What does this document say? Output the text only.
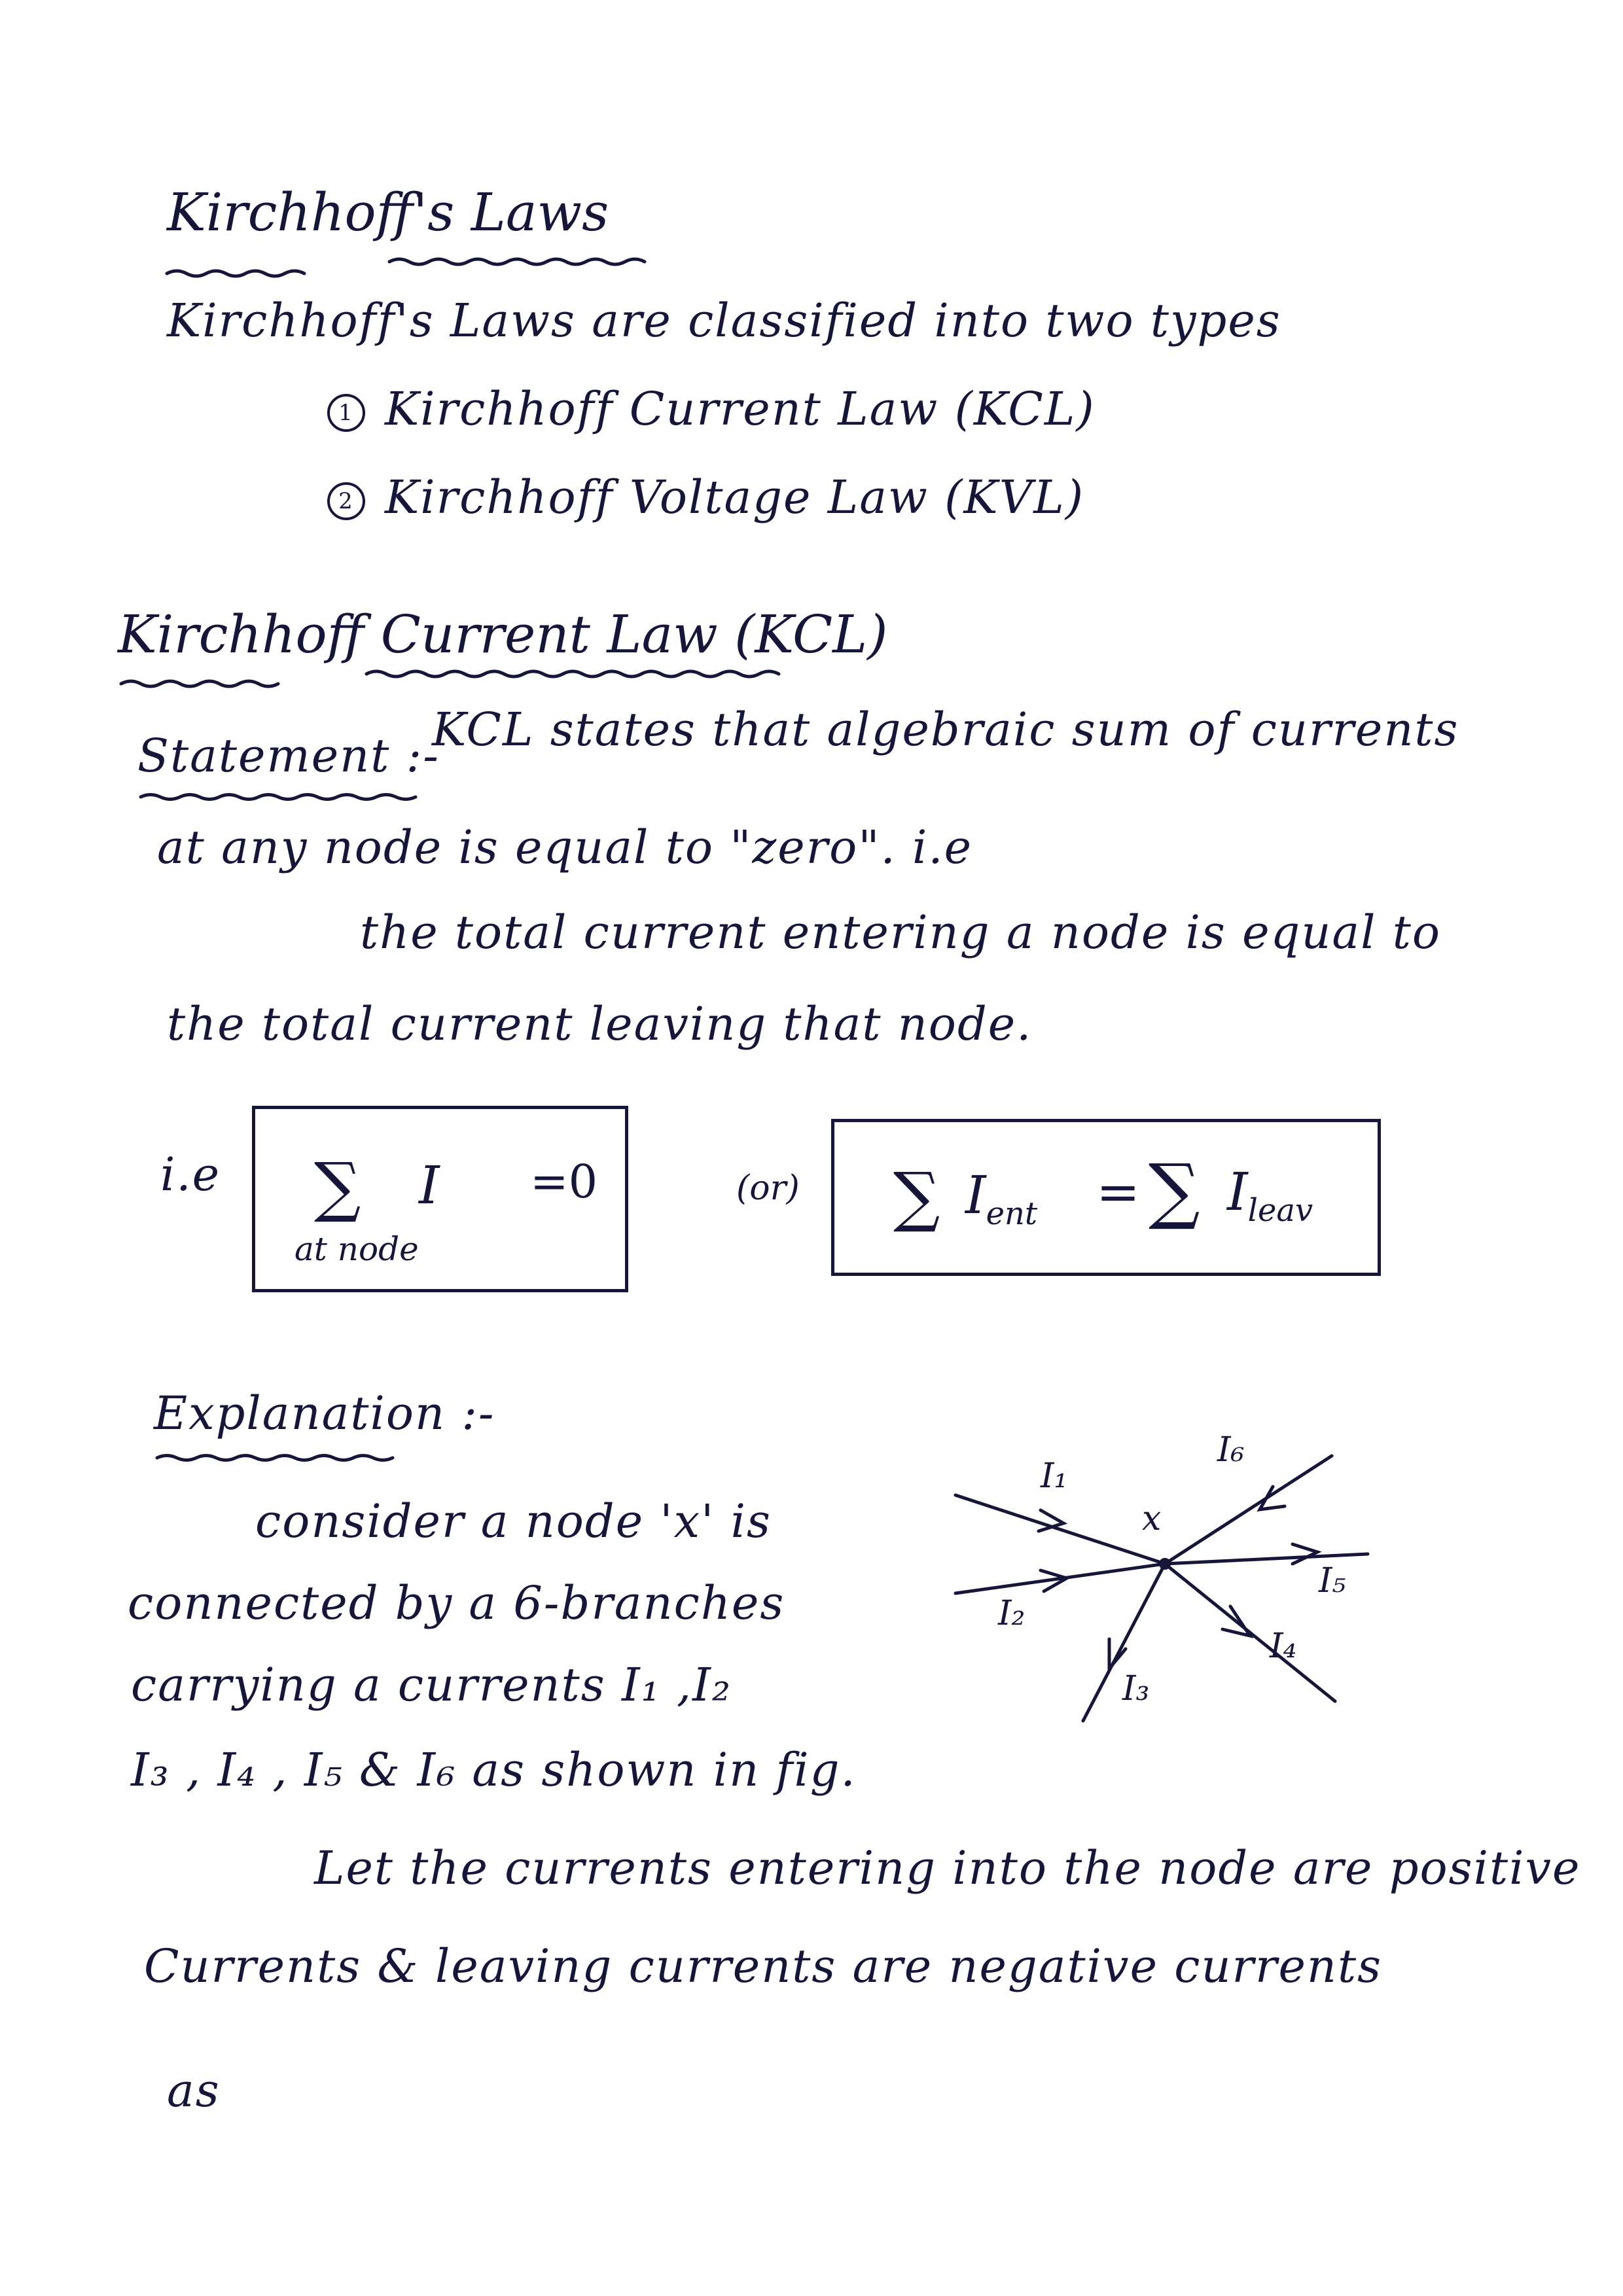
Kirchhoff's Laws
Kirchhoff's Laws are classified into two types
1 Kirchhoff Current Law (KCL)
2 Kirchhoff Voltage Law (KVL)
Kirchhoff Current Law (KCL)
Statement :-
KCL states that algebraic sum of currents
at any node is equal to "zero". i.e
the total current entering a node is equal to
the total current leaving that node.
i.e ∑ I =0
at node
(or) ∑ $I_{ent}$ = ∑ $I_{leav}$
Explanation :-
consider a node 'x' is
connected by a 6-branches
carrying a currents I₁ ,I₂
I₃ , I₄ , I₅ & I₆ as shown in fig.
Let the currents entering into the node are positive
Currents & leaving currents are negative currents
as
x
I₁
I₂
I₃
I₄
I₅
I₆
